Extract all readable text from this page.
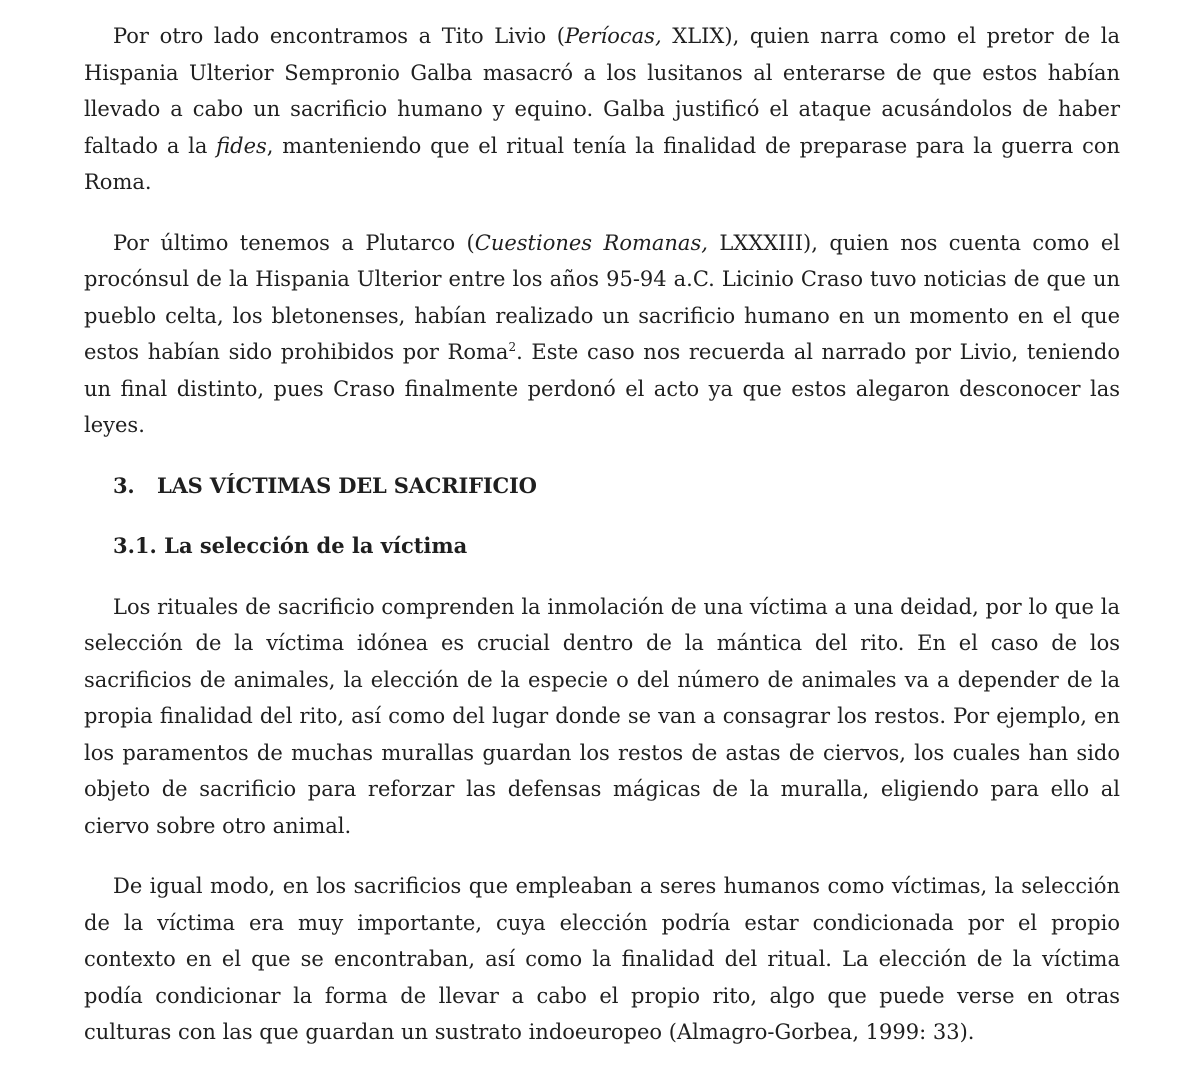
Por otro lado encontramos a Tito Livio (Períocas, XLIX), quien narra como el pretor de la Hispania Ulterior Sempronio Galba masacró a los lusitanos al enterarse de que estos habían llevado a cabo un sacrificio humano y equino. Galba justificó el ataque acusándolos de haber faltado a la fides, manteniendo que el ritual tenía la finalidad de preparase para la guerra con Roma.

Por último tenemos a Plutarco (Cuestiones Romanas, LXXXIII), quien nos cuenta como el procónsul de la Hispania Ulterior entre los años 95-94 a.C. Licinio Craso tuvo noticias de que un pueblo celta, los bletonenses, habían realizado un sacrificio humano en un momento en el que estos habían sido prohibidos por Roma$^2$. Este caso nos recuerda al narrado por Livio, teniendo un final distinto, pues Craso finalmente perdonó el acto ya que estos alegaron desconocer las leyes.

3. LAS VÍCTIMAS DEL SACRIFICIO
3.1. La selección de la víctima

Los rituales de sacrificio comprenden la inmolación de una víctima a una deidad, por lo que la selección de la víctima idónea es crucial dentro de la mántica del rito. En el caso de los sacrificios de animales, la elección de la especie o del número de animales va a depender de la propia finalidad del rito, así como del lugar donde se van a consagrar los restos. Por ejemplo, en los paramentos de muchas murallas guardan los restos de astas de ciervos, los cuales han sido objeto de sacrificio para reforzar las defensas mágicas de la muralla, eligiendo para ello al ciervo sobre otro animal.

De igual modo, en los sacrificios que empleaban a seres humanos como víctimas, la selección de la víctima era muy importante, cuya elección podría estar condicionada por el propio contexto en el que se encontraban, así como la finalidad del ritual. La elección de la víctima podía condicionar la forma de llevar a cabo el propio rito, algo que puede verse en otras culturas con las que guardan un sustrato indoeuropeo (Almagro-Gorbea, 1999: 33).
